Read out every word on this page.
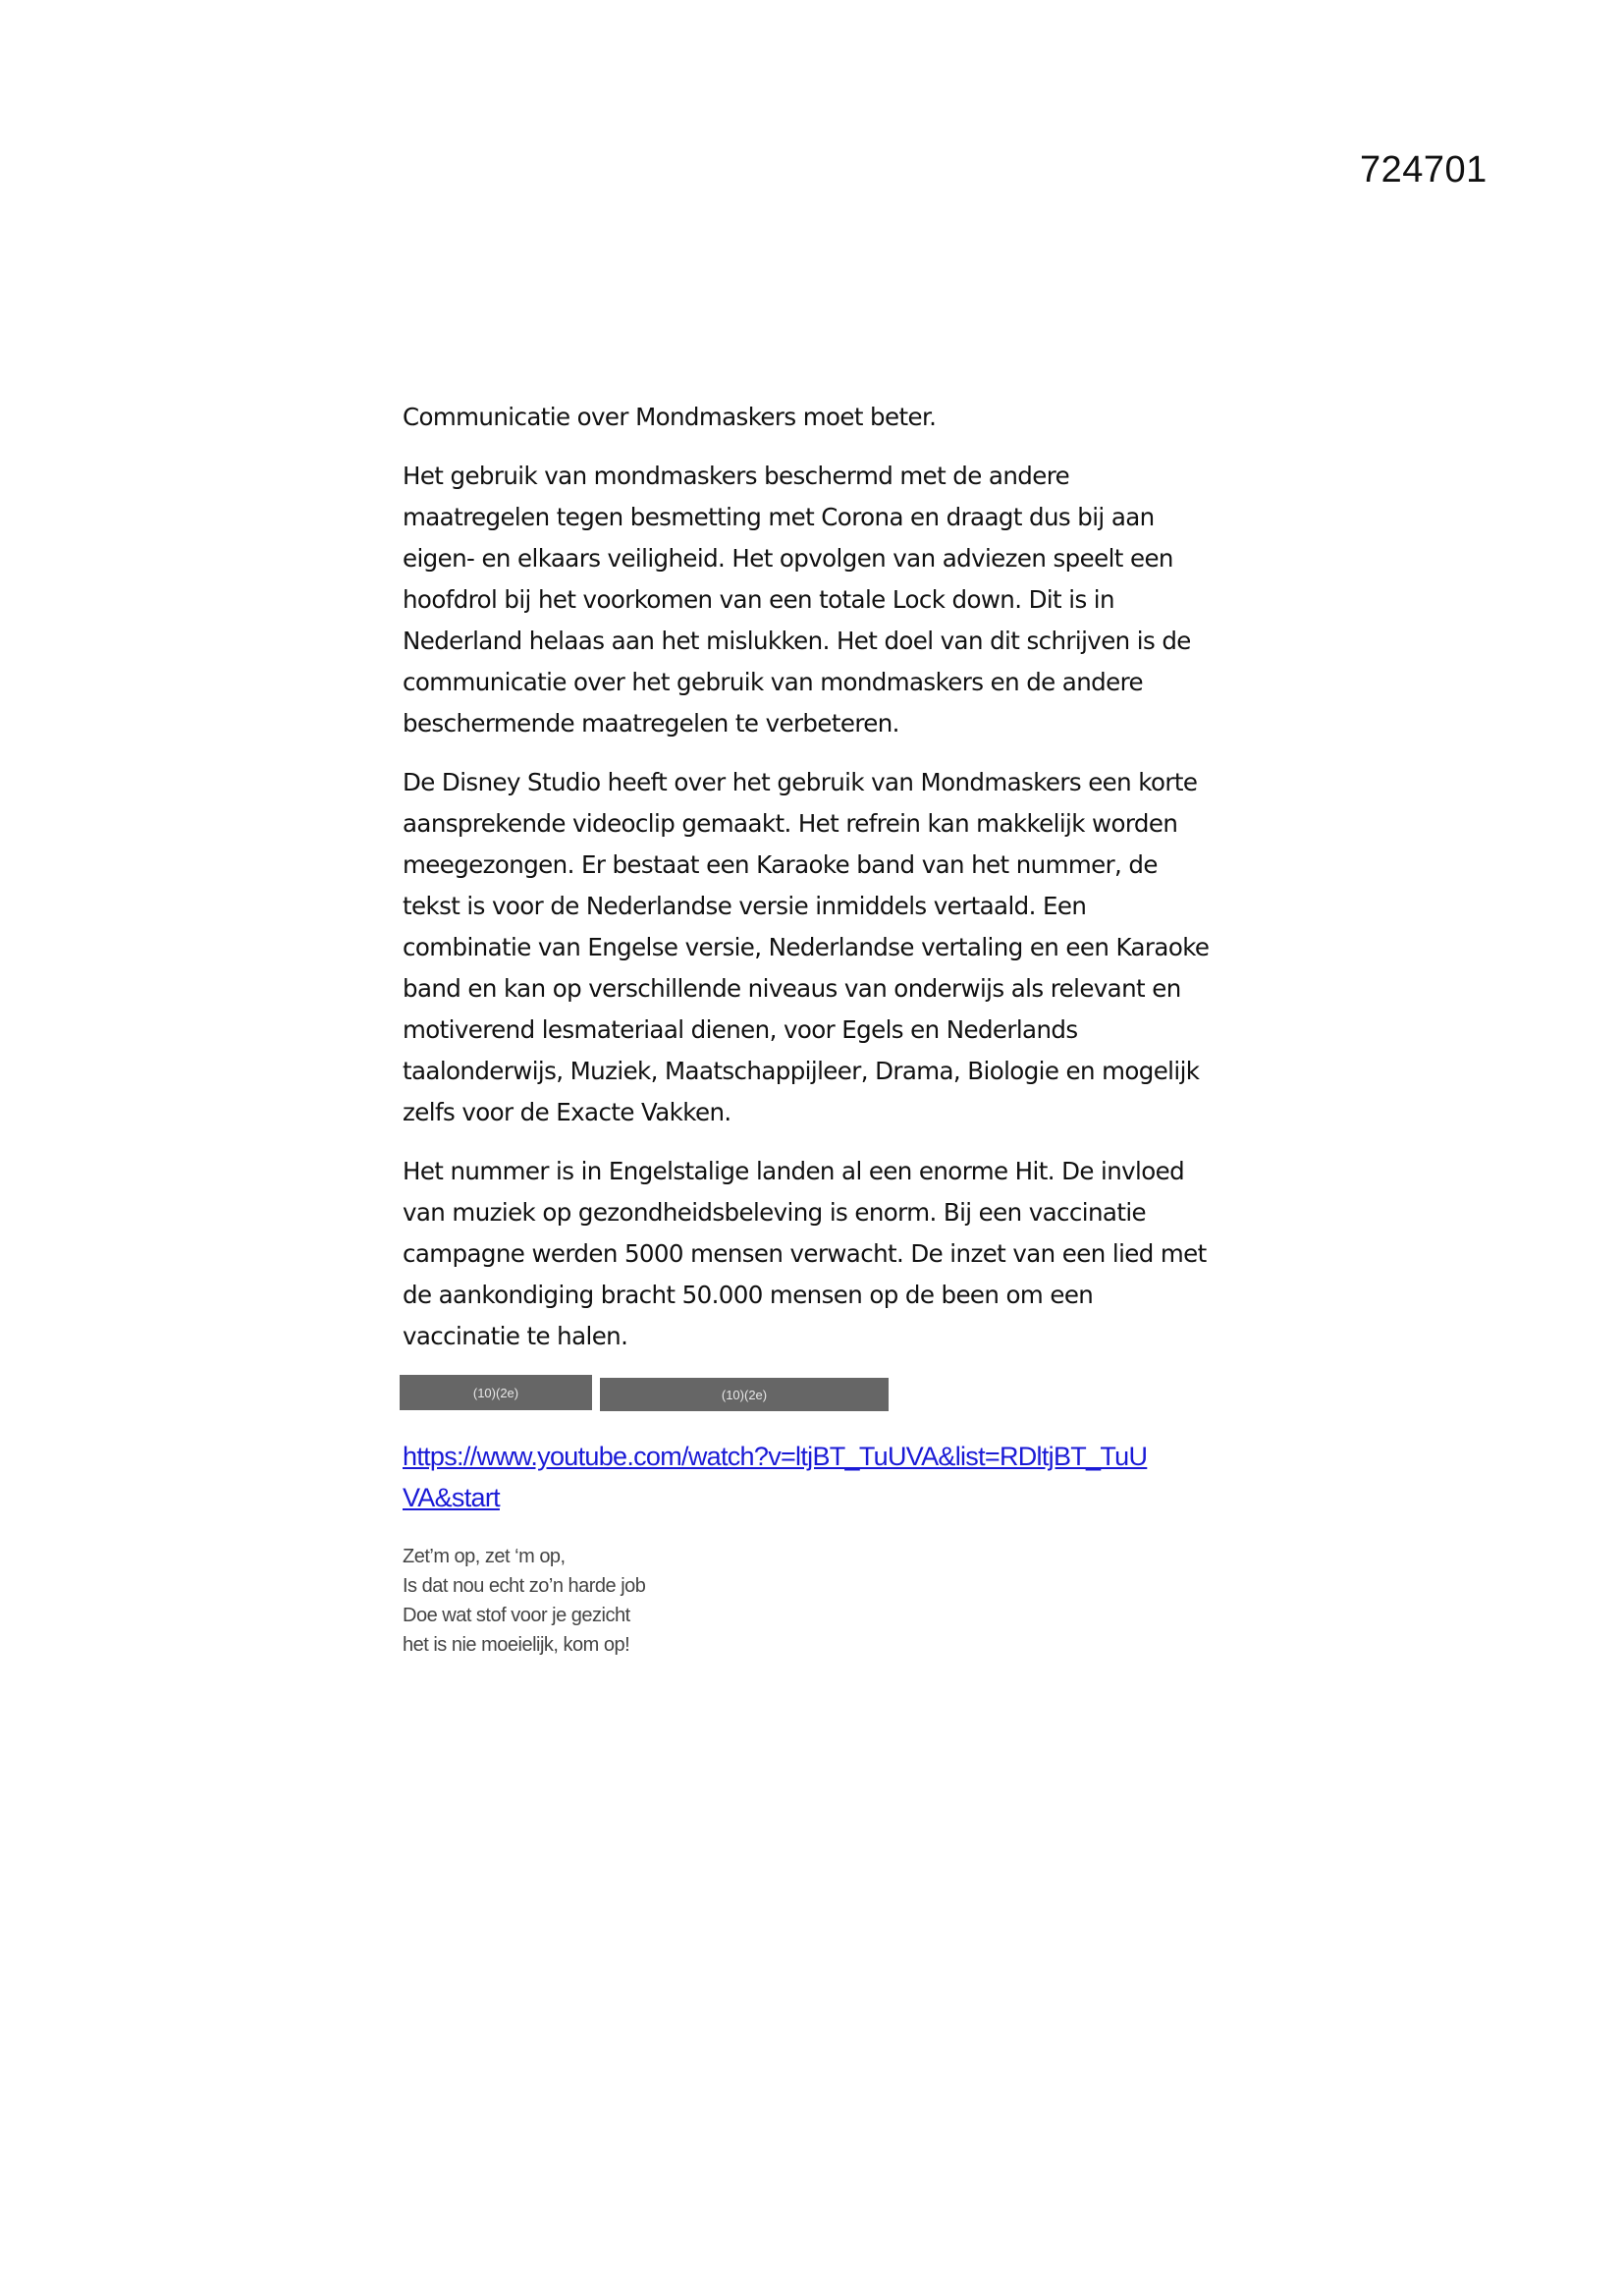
724701

Communicatie over Mondmaskers moet beter.

Het gebruik van mondmaskers beschermd met de andere
maatregelen tegen besmetting met Corona en draagt dus bij aan
eigen- en elkaars veiligheid. Het opvolgen van adviezen speelt een
hoofdrol bij het voorkomen van een totale Lock down. Dit is in
Nederland helaas aan het mislukken. Het doel van dit schrijven is de
communicatie over het gebruik van mondmaskers en de andere
beschermende maatregelen te verbeteren.

De Disney Studio heeft over het gebruik van Mondmaskers een korte
aansprekende videoclip gemaakt. Het refrein kan makkelijk worden
meegezongen. Er bestaat een Karaoke band van het nummer, de
tekst is voor de Nederlandse versie inmiddels vertaald. Een
combinatie van Engelse versie, Nederlandse vertaling en een Karaoke
band en kan op verschillende niveaus van onderwijs als relevant en
motiverend lesmateriaal dienen, voor Egels en Nederlands
taalonderwijs, Muziek, Maatschappijleer, Drama, Biologie en mogelijk
zelfs voor de Exacte Vakken.

Het nummer is in Engelstalige landen al een enorme Hit. De invloed
van muziek op gezondheidsbeleving is enorm. Bij een vaccinatie
campagne werden 5000 mensen verwacht. De inzet van een lied met
de aankondiging bracht 50.000 mensen op de been om een
vaccinatie te halen.

(10)(2e)	(10)(2e)
https://www.youtube.com/watch?v=ltjBT_TuUVA&list=RDltjBT_TuU
VA&start
Zet’m op, zet ‘m op,
Is dat nou echt zo’n harde job
Doe wat stof voor je gezicht
het is nie moeielijk, kom op!
